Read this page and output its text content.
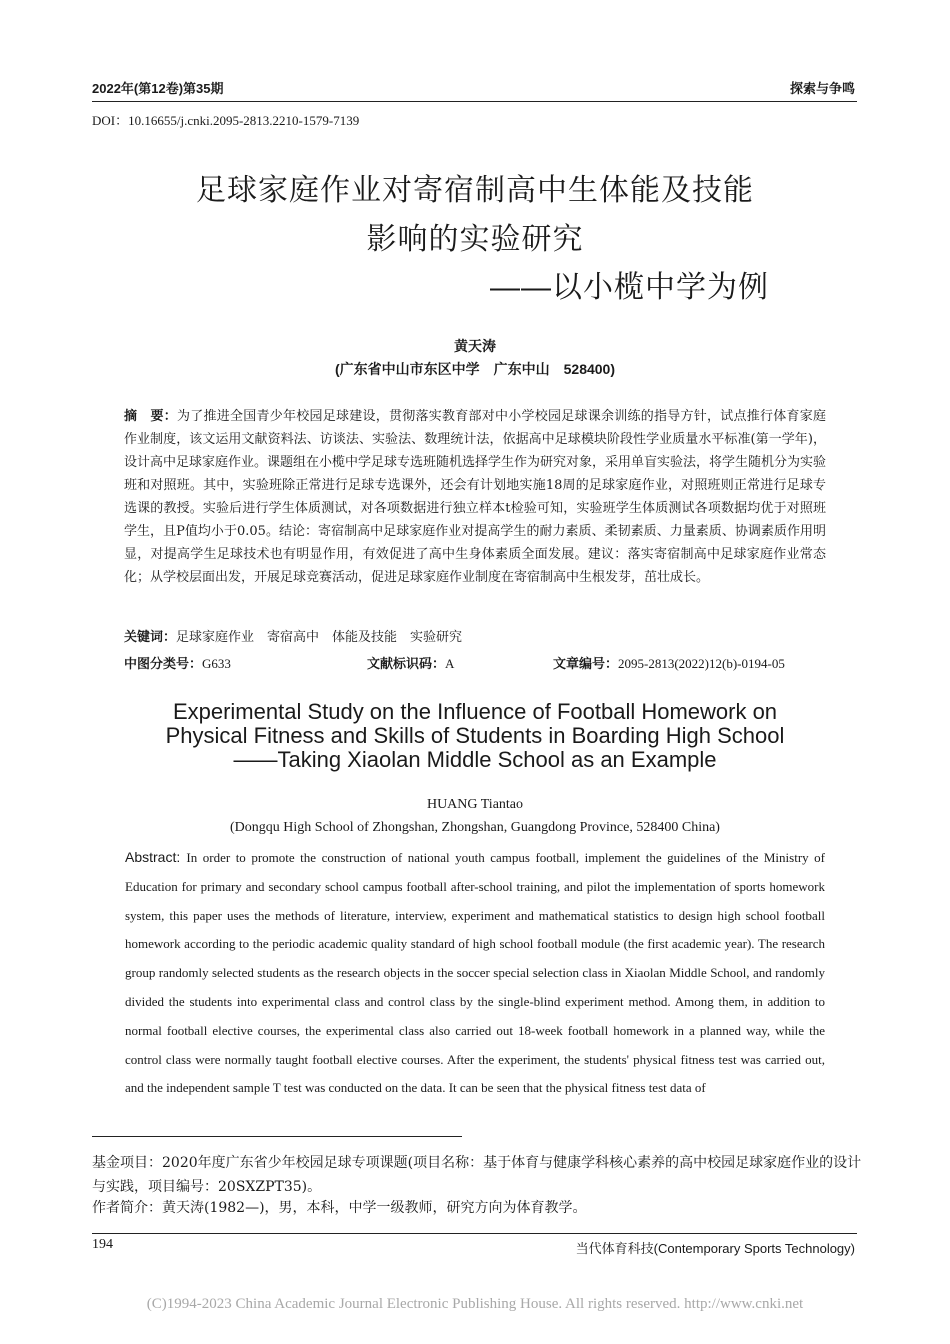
2022年(第12卷)第35期	探索与争鸣
DOI：10.16655/j.cnki.2095-2813.2210-1579-7139
足球家庭作业对寄宿制高中生体能及技能
影响的实验研究
——以小榄中学为例
黄天涛
(广东省中山市东区中学　广东中山　528400)

摘　要：为了推进全国青少年校园足球建设，贯彻落实教育部对中小学校园足球课余训练的指导方针，试点推行体育家庭作业制度，该文运用文献资料法、访谈法、实验法、数理统计法，依据高中足球模块阶段性学业质量水平标准(第一学年)，设计高中足球家庭作业。课题组在小榄中学足球专选班随机选择学生作为研究对象，采用单盲实验法，将学生随机分为实验班和对照班。其中，实验班除正常进行足球专选课外，还会有计划地实施18周的足球家庭作业，对照班则正常进行足球专选课的教授。实验后进行学生体质测试，对各项数据进行独立样本t检验可知，实验班学生体质测试各项数据均优于对照班学生，且P值均小于0.05。结论：寄宿制高中足球家庭作业对提高学生的耐力素质、柔韧素质、力量素质、协调素质作用明显，对提高学生足球技术也有明显作用，有效促进了高中生身体素质全面发展。建议：落实寄宿制高中足球家庭作业常态化；从学校层面出发，开展足球竞赛活动，促进足球家庭作业制度在寄宿制高中生根发芽，茁壮成长。

关键词：足球家庭作业　寄宿高中　体能及技能　实验研究
中图分类号：G633	文献标识码：A	文章编号：2095-2813(2022)12(b)-0194-05
Experimental Study on the Influence of Football Homework on
Physical Fitness and Skills of Students in Boarding High School
——Taking Xiaolan Middle School as an Example
HUANG Tiantao
(Dongqu High School of Zhongshan, Zhongshan, Guangdong Province, 528400 China)

Abstract: In order to promote the construction of national youth campus football, implement the guidelines of the Ministry of Education for primary and secondary school campus football after-school training, and pilot the implementation of sports homework system, this paper uses the methods of literature, interview, experiment and mathematical statistics to design high school football homework according to the periodic academic quality standard of high school football module (the first academic year). The research group randomly selected students as the research objects in the soccer special selection class in Xiaolan Middle School, and randomly divided the students into experimental class and control class by the single-blind experiment method. Among them, in addition to normal football elective courses, the experimental class also carried out 18-week football homework in a planned way, while the control class were normally taught football elective courses. After the experiment, the students' physical fitness test was carried out, and the independent sample T test was conducted on the data. It can be seen that the physical fitness test data of

基金项目：2020年度广东省少年校园足球专项课题(项目名称：基于体育与健康学科核心素养的高中校园足球家庭作业的设计与实践，项目编号：20SXZPT35)。

作者简介：黄天涛(1982—)，男，本科，中学一级教师，研究方向为体育教学。

194	当代体育科技(Contemporary Sports Technology)
(C)1994-2023 China Academic Journal Electronic Publishing House. All rights reserved. http://www.cnki.net
